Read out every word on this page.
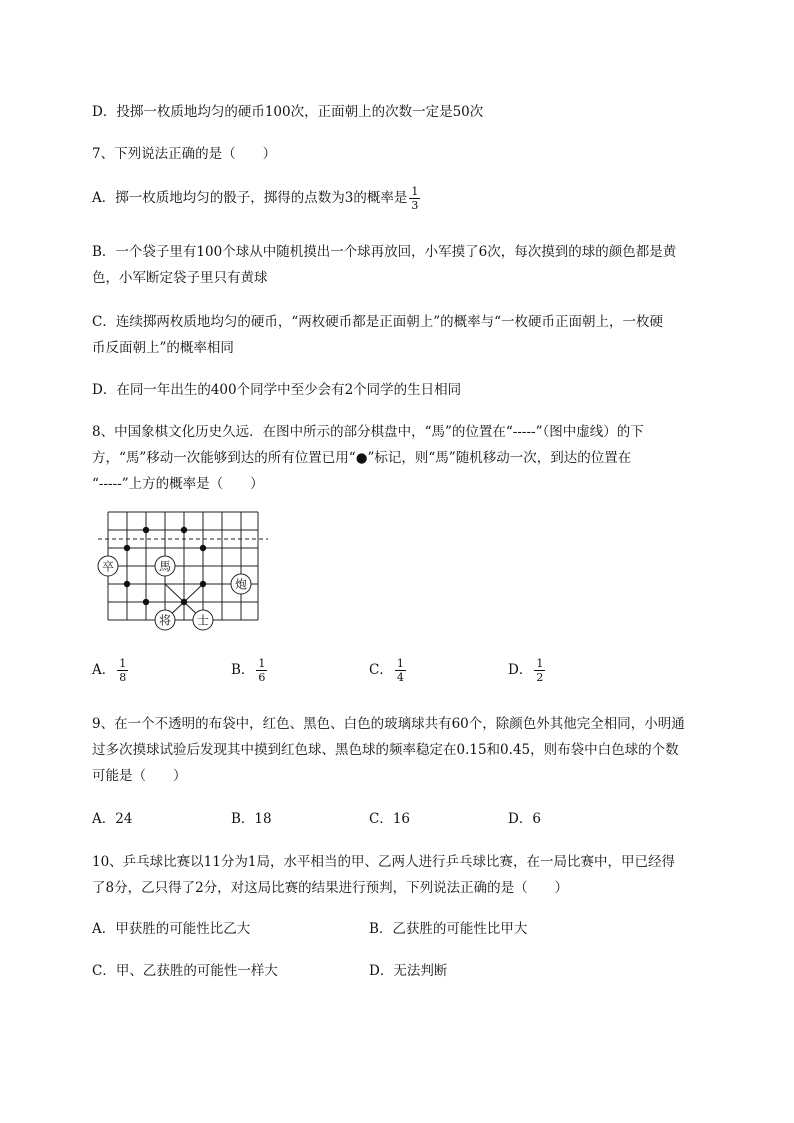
D．投掷一枚质地均匀的硬币100次，正面朝上的次数一定是50次
7、下列说法正确的是（　　）
A．掷一枚质地均匀的骰子，掷得的点数为3的概率是 $\frac{1}{3}$
B．一个袋子里有100个球从中随机摸出一个球再放回，小军摸了6次，每次摸到的球的颜色都是黄
色，小军断定袋子里只有黄球
C．连续掷两枚质地均匀的硬币，“两枚硬币都是正面朝上”的概率与“一枚硬币正面朝上，一枚硬
币反面朝上”的概率相同
D．在同一年出生的400个同学中至少会有2个同学的生日相同
8、中国象棋文化历史久远．在图中所示的部分棋盘中，“馬”的位置在“-----”（图中虚线）的下
方，“馬”移动一次能够到达的所有位置已用“●”标记，则“馬”随机移动一次，到达的位置在
“-----”上方的概率是（　　）
卒	馬
炮
将 士
A． $\frac{1}{8}$	B． $\frac{1}{6}$	C． $\frac{1}{4}$	D． $\frac{1}{2}$
9、在一个不透明的布袋中，红色、黑色、白色的玻璃球共有60个，除颜色外其他完全相同，小明通
过多次摸球试验后发现其中摸到红色球、黑色球的频率稳定在0.15和0.45，则布袋中白色球的个数
可能是（　　）
A．24	B．18	C．16	D．6
10、乒乓球比赛以11分为1局，水平相当的甲、乙两人进行乒乓球比赛，在一局比赛中，甲已经得
了8分，乙只得了2分，对这局比赛的结果进行预判，下列说法正确的是（　　）
A．甲获胜的可能性比乙大	B．乙获胜的可能性比甲大
C．甲、乙获胜的可能性一样大	D．无法判断
